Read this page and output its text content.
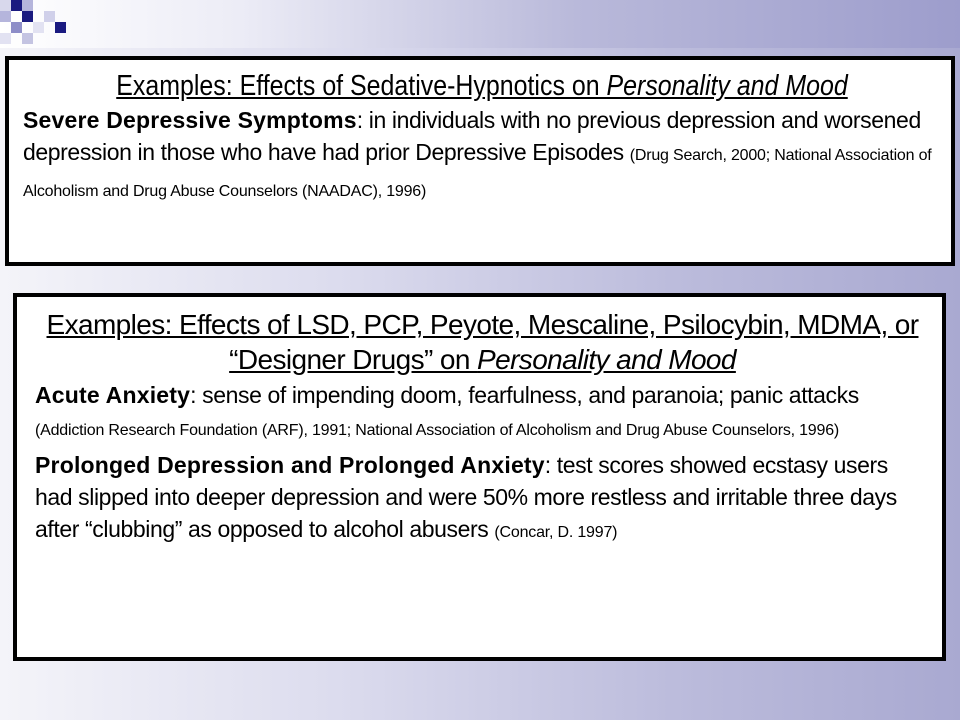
Examples: Effects of Sedative-Hypnotics on Personality and Mood
Severe Depressive Symptoms: in individuals with no previous depression and worsened depression in those who have had prior Depressive Episodes (Drug Search, 2000; National Association of Alcoholism and Drug Abuse Counselors (NAADAC), 1996)
Examples: Effects of LSD, PCP, Peyote, Mescaline, Psilocybin, MDMA, or “Designer Drugs” on Personality and Mood
Acute Anxiety: sense of impending doom, fearfulness, and paranoia; panic attacks (Addiction Research Foundation (ARF), 1991; National Association of Alcoholism and Drug Abuse Counselors, 1996)
Prolonged Depression and Prolonged Anxiety: test scores showed ecstasy users had slipped into deeper depression and were 50% more restless and irritable three days after “clubbing” as opposed to alcohol abusers (Concar, D. 1997)
